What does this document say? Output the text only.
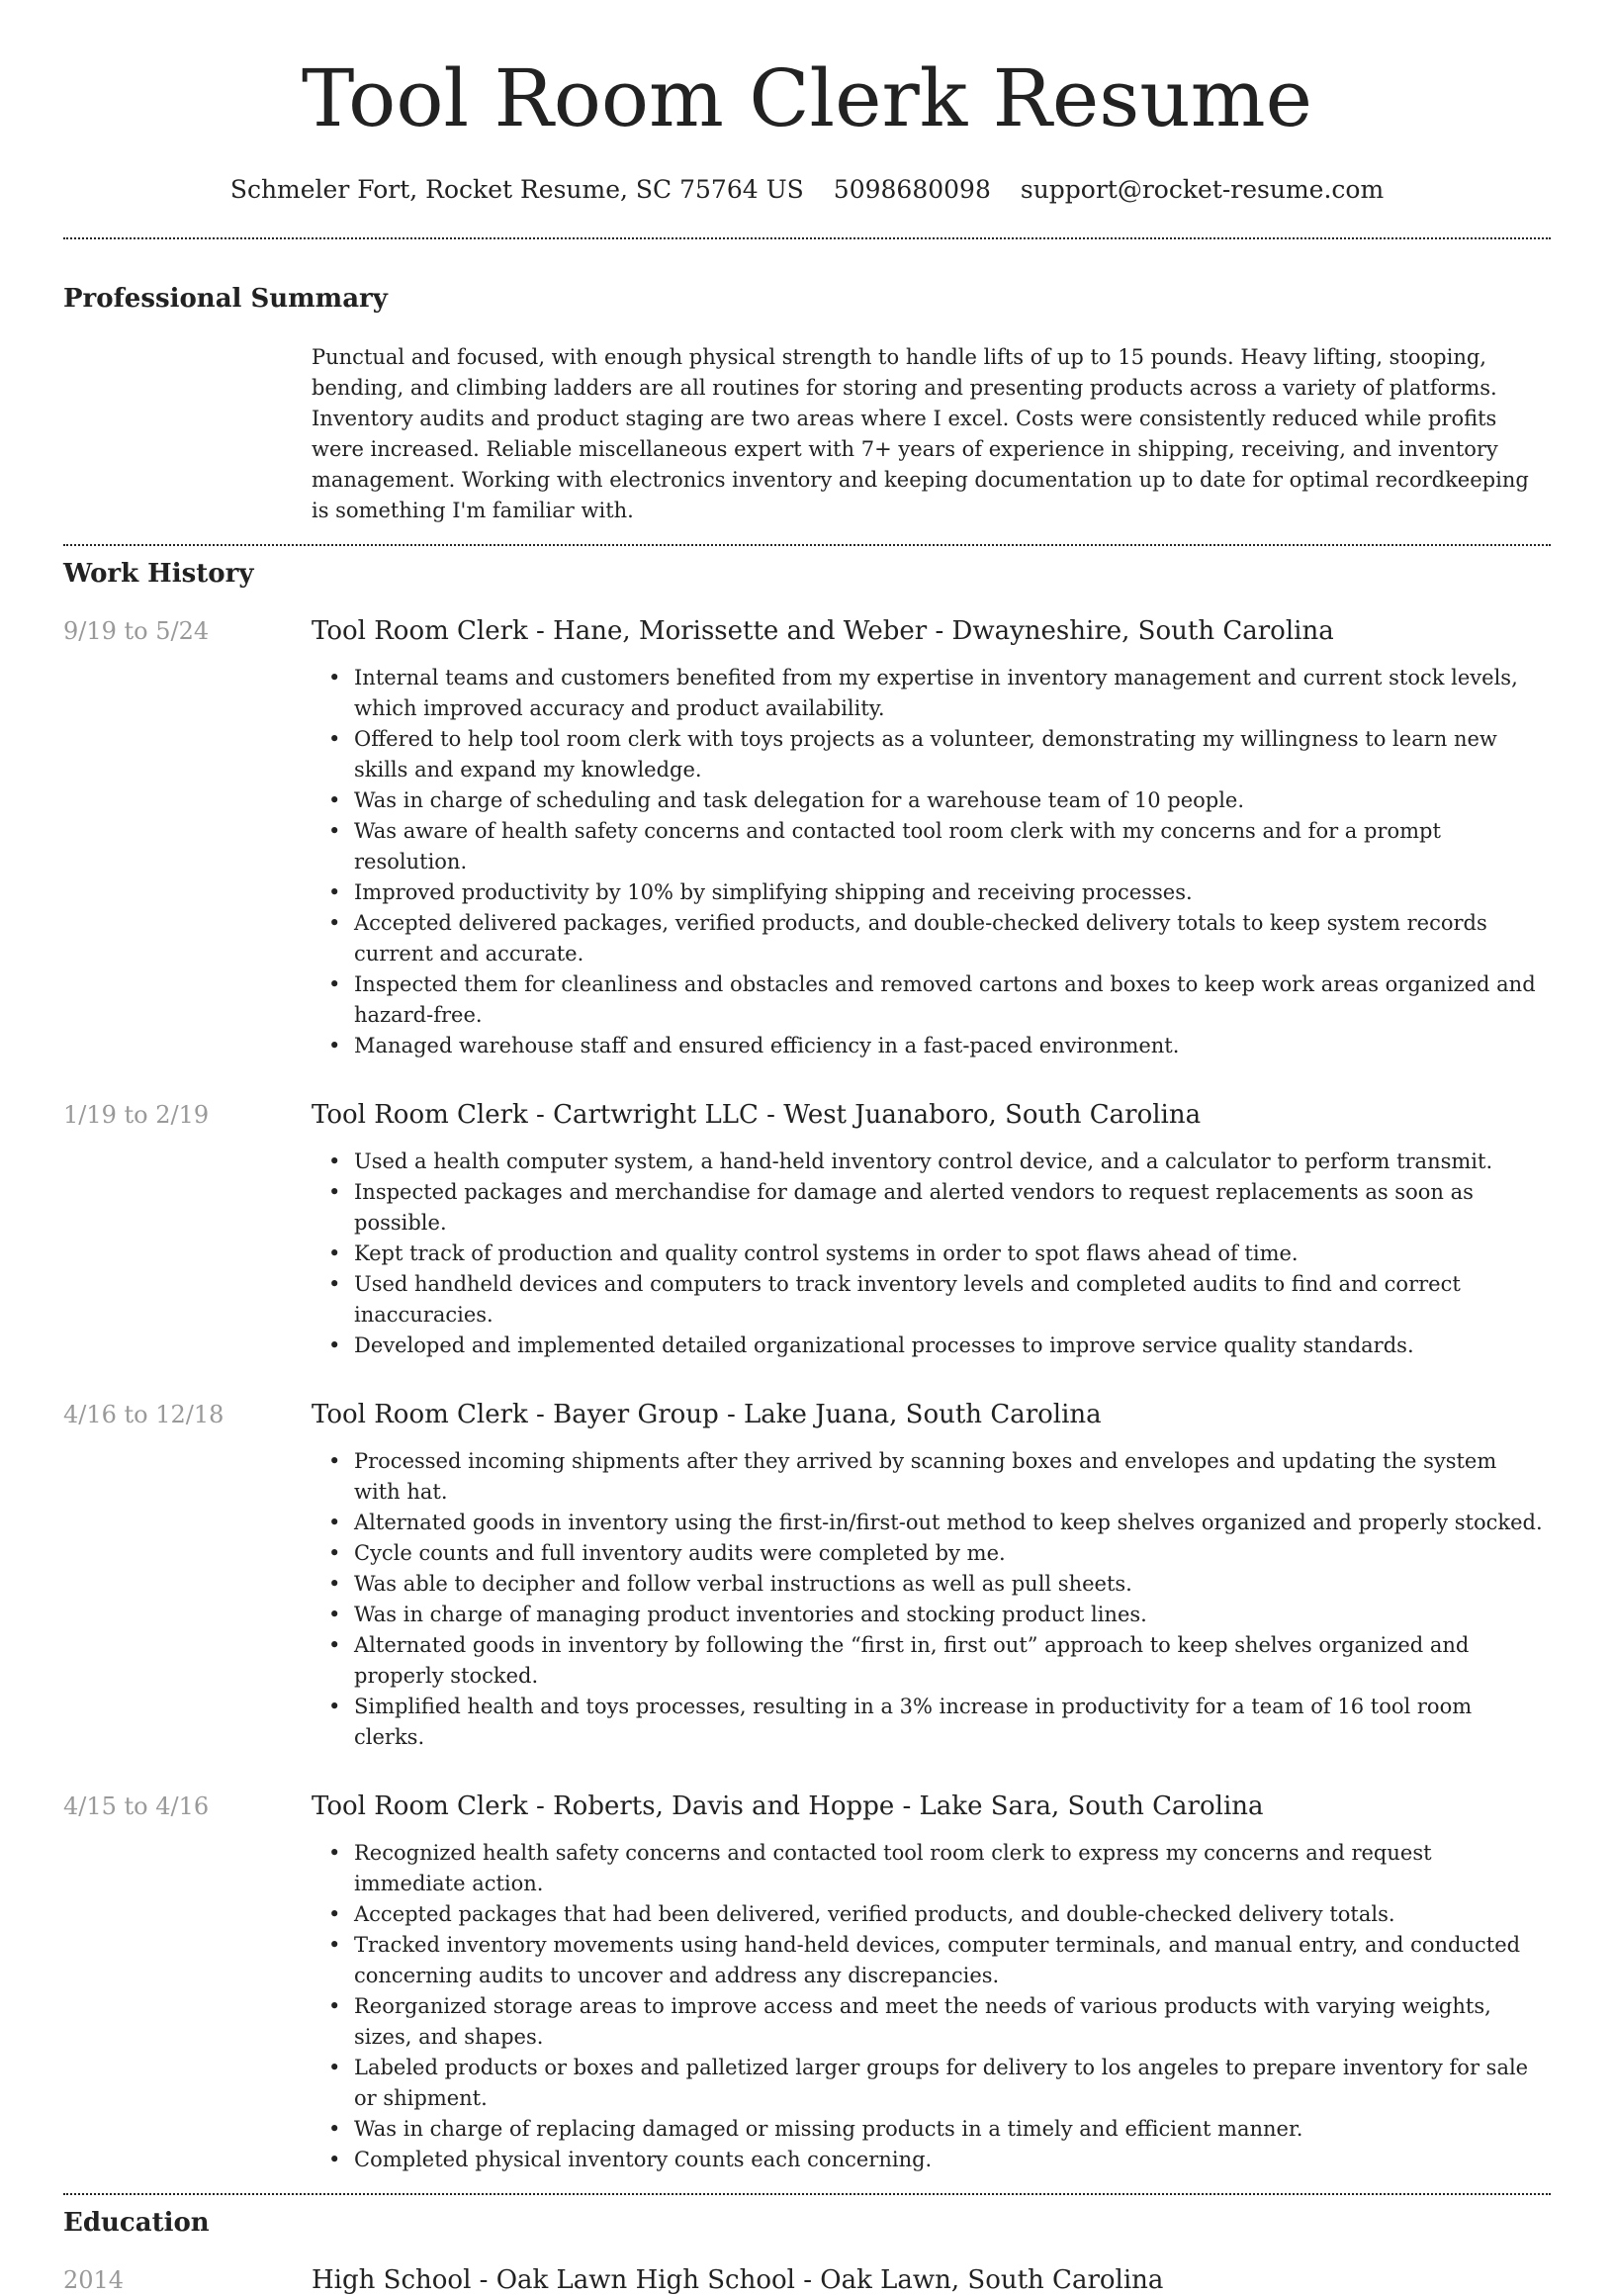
Tool Room Clerk Resume
Schmeler Fort, Rocket Resume, SC 75764 US 5098680098 support@rocket-resume.com
Professional Summary
Punctual and focused, with enough physical strength to handle lifts of up to 15 pounds. Heavy lifting, stooping, bending, and climbing ladders are all routines for storing and presenting products across a variety of platforms. Inventory audits and product staging are two areas where I excel. Costs were consistently reduced while profits were increased. Reliable miscellaneous expert with 7+ years of experience in shipping, receiving, and inventory management. Working with electronics inventory and keeping documentation up to date for optimal recordkeeping is something I'm familiar with.
Work History
9/19 to 5/24	Tool Room Clerk - Hane, Morissette and Weber - Dwayneshire, South Carolina
• Internal teams and customers benefited from my expertise in inventory management and current stock levels, which improved accuracy and product availability.
• Offered to help tool room clerk with toys projects as a volunteer, demonstrating my willingness to learn new skills and expand my knowledge.
• Was in charge of scheduling and task delegation for a warehouse team of 10 people.
• Was aware of health safety concerns and contacted tool room clerk with my concerns and for a prompt resolution.
• Improved productivity by 10% by simplifying shipping and receiving processes.
• Accepted delivered packages, verified products, and double-checked delivery totals to keep system records current and accurate.
• Inspected them for cleanliness and obstacles and removed cartons and boxes to keep work areas organized and hazard-free.
• Managed warehouse staff and ensured efficiency in a fast-paced environment.
1/19 to 2/19	Tool Room Clerk - Cartwright LLC - West Juanaboro, South Carolina
• Used a health computer system, a hand-held inventory control device, and a calculator to perform transmit.
• Inspected packages and merchandise for damage and alerted vendors to request replacements as soon as possible.
• Kept track of production and quality control systems in order to spot flaws ahead of time.
• Used handheld devices and computers to track inventory levels and completed audits to find and correct inaccuracies.
• Developed and implemented detailed organizational processes to improve service quality standards.
4/16 to 12/18	Tool Room Clerk - Bayer Group - Lake Juana, South Carolina
• Processed incoming shipments after they arrived by scanning boxes and envelopes and updating the system with hat.
• Alternated goods in inventory using the first-in/first-out method to keep shelves organized and properly stocked.
• Cycle counts and full inventory audits were completed by me.
• Was able to decipher and follow verbal instructions as well as pull sheets.
• Was in charge of managing product inventories and stocking product lines.
• Alternated goods in inventory by following the “first in, first out” approach to keep shelves organized and properly stocked.
• Simplified health and toys processes, resulting in a 3% increase in productivity for a team of 16 tool room clerks.
4/15 to 4/16	Tool Room Clerk - Roberts, Davis and Hoppe - Lake Sara, South Carolina
• Recognized health safety concerns and contacted tool room clerk to express my concerns and request immediate action.
• Accepted packages that had been delivered, verified products, and double-checked delivery totals.
• Tracked inventory movements using hand-held devices, computer terminals, and manual entry, and conducted concerning audits to uncover and address any discrepancies.
• Reorganized storage areas to improve access and meet the needs of various products with varying weights, sizes, and shapes.
• Labeled products or boxes and palletized larger groups for delivery to los angeles to prepare inventory for sale or shipment.
• Was in charge of replacing damaged or missing products in a timely and efficient manner.
• Completed physical inventory counts each concerning.
Education
2014	High School - Oak Lawn High School - Oak Lawn, South Carolina
